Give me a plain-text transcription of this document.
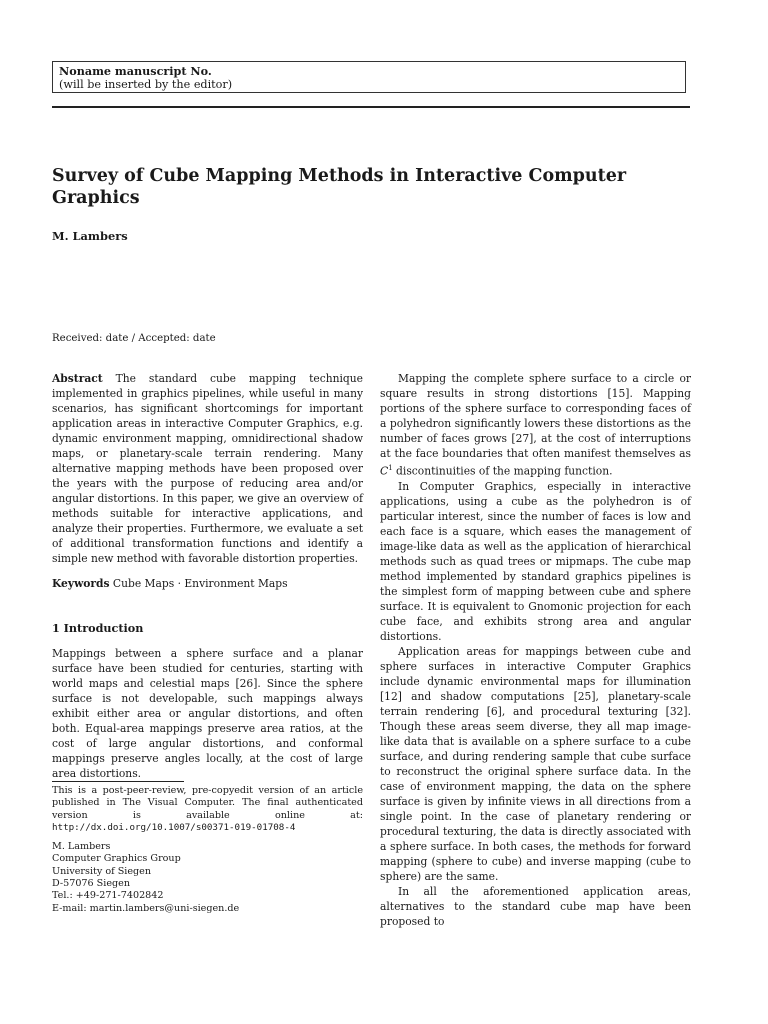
Noname manuscript No.
(will be inserted by the editor)
Survey of Cube Mapping Methods in Interactive Computer Graphics
M. Lambers
Received: date / Accepted: date

Abstract The standard cube mapping technique implemented in graphics pipelines, while useful in many scenarios, has significant shortcomings for important application areas in interactive Computer Graphics, e.g. dynamic environment mapping, omnidirectional shadow maps, or planetary-scale terrain rendering. Many alternative mapping methods have been proposed over the years with the purpose of reducing area and/or angular distortions. In this paper, we give an overview of methods suitable for interactive applications, and analyze their properties. Furthermore, we evaluate a set of additional transformation functions and identify a simple new method with favorable distortion properties.

Keywords Cube Maps · Environment Maps

1 Introduction

Mappings between a sphere surface and a planar surface have been studied for centuries, starting with world maps and celestial maps [26]. Since the sphere surface is not developable, such mappings always exhibit either area or angular distortions, and often both. Equal-area mappings preserve area ratios, at the cost of large angular distortions, and conformal mappings preserve angles locally, at the cost of large area distortions.

This is a post-peer-review, pre-copyedit version of an article published in The Visual Computer. The final authenticated version is available online at: http://dx.doi.org/10.1007/s00371-019-01708-4

M. Lambers
Computer Graphics Group
University of Siegen
D-57076 Siegen
Tel.: +49-271-7402842
E-mail: martin.lambers@uni-siegen.de

Mapping the complete sphere surface to a circle or square results in strong distortions [15]. Mapping portions of the sphere surface to corresponding faces of a polyhedron significantly lowers these distortions as the number of faces grows [27], at the cost of interruptions at the face boundaries that often manifest themselves as $C^1$ discontinuities of the mapping function.

In Computer Graphics, especially in interactive applications, using a cube as the polyhedron is of particular interest, since the number of faces is low and each face is a square, which eases the management of image-like data as well as the application of hierarchical methods such as quad trees or mipmaps. The cube map method implemented by standard graphics pipelines is the simplest form of mapping between cube and sphere surface. It is equivalent to Gnomonic projection for each cube face, and exhibits strong area and angular distortions.

Application areas for mappings between cube and sphere surfaces in interactive Computer Graphics include dynamic environmental maps for illumination [12] and shadow computations [25], planetary-scale terrain rendering [6], and procedural texturing [32]. Though these areas seem diverse, they all map image-like data that is available on a sphere surface to a cube surface, and during rendering sample that cube surface to reconstruct the original sphere surface data. In the case of environment mapping, the data on the sphere surface is given by infinite views in all directions from a single point. In the case of planetary rendering or procedural texturing, the data is directly associated with a sphere surface. In both cases, the methods for forward mapping (sphere to cube) and inverse mapping (cube to sphere) are the same.

In all the aforementioned application areas, alternatives to the standard cube map have been proposed to
